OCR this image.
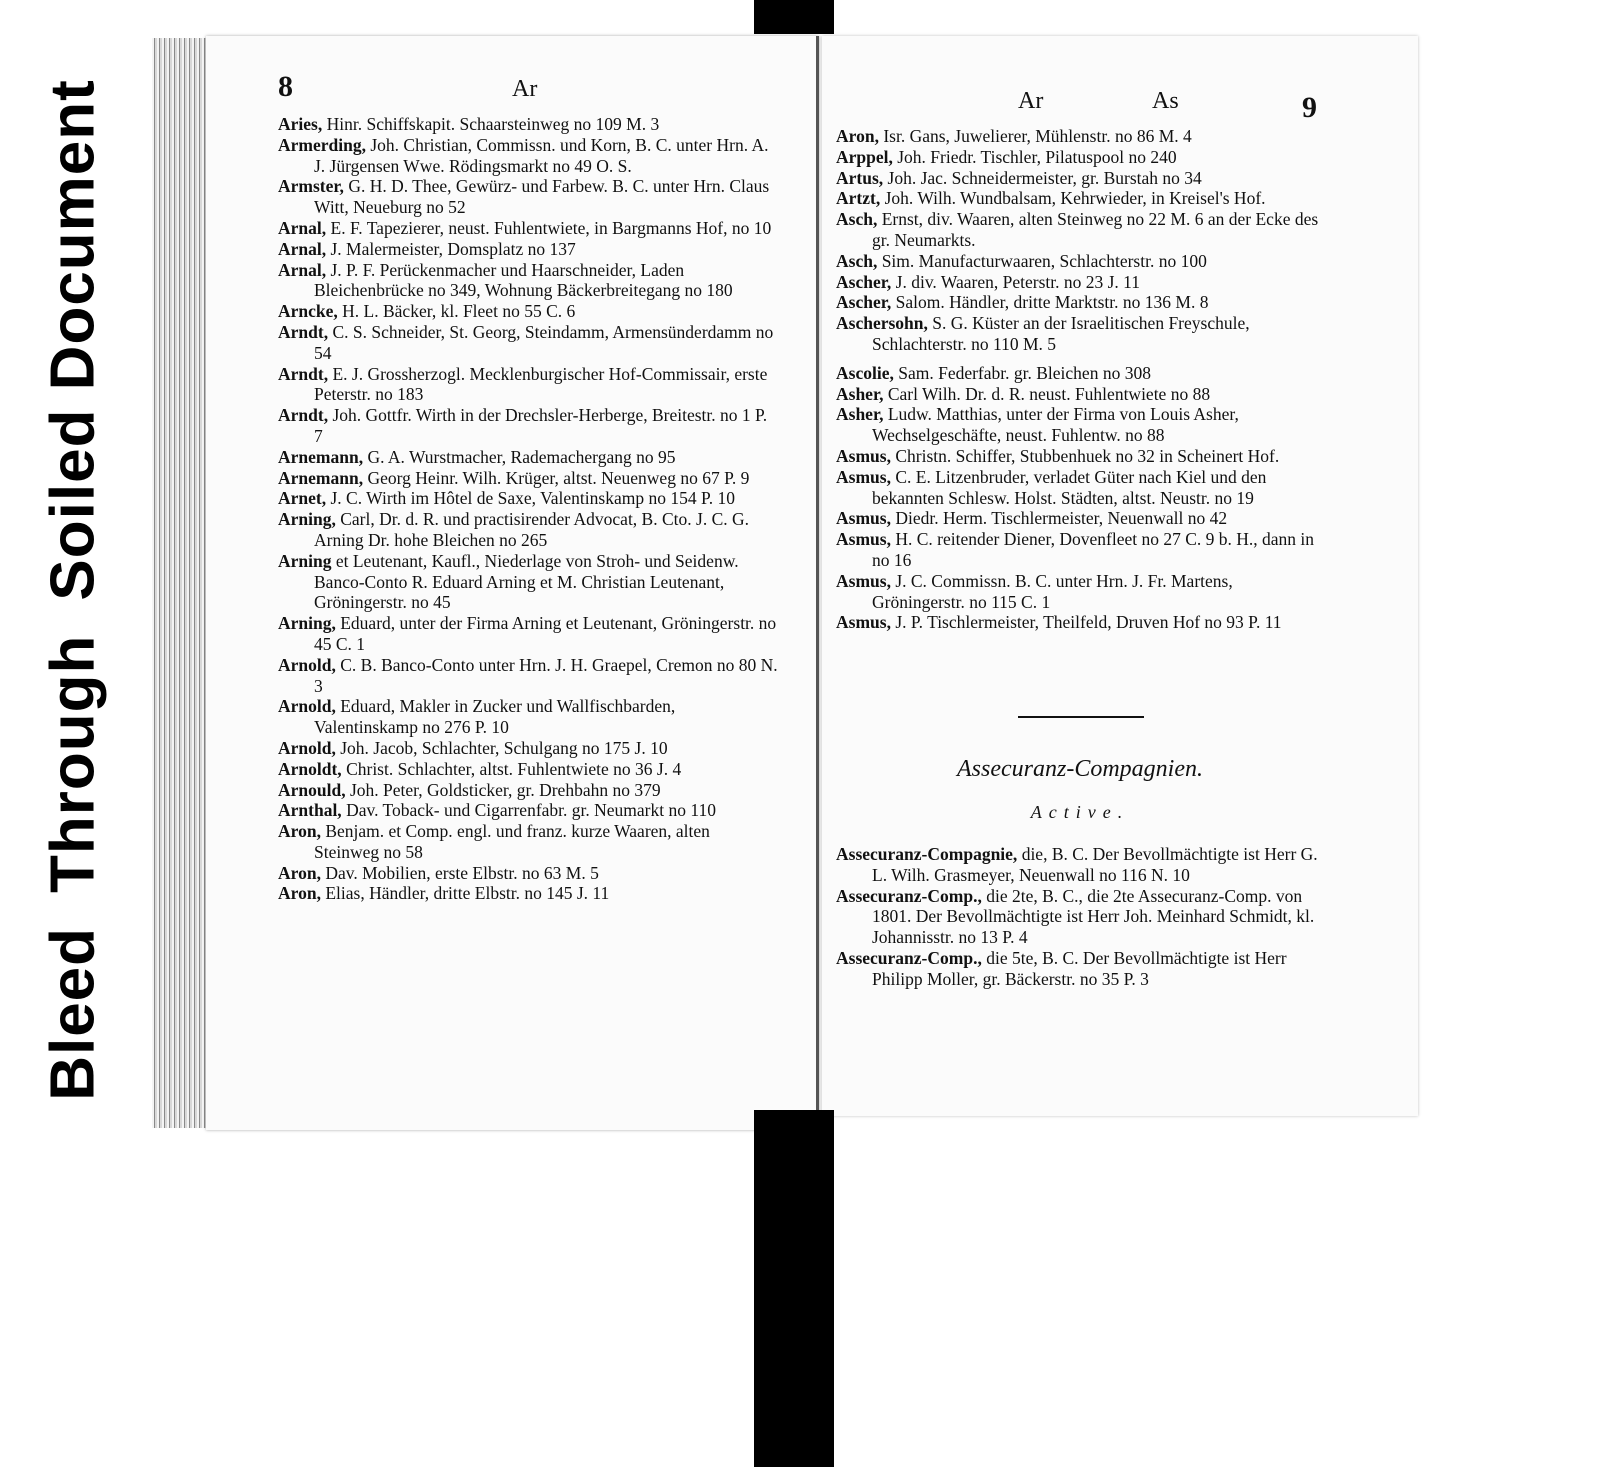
BleedThroughSoiled Document	8	Ar
Aries, Hinr. Schiffskapit. Schaarsteinweg no 109 M. 3
Armerding, Joh. Christian, Commissn. und Korn, B. C. unter Hrn. A. J. Jürgensen Wwe. Rödingsmarkt no 49 O. S.
Armster, G. H. D. Thee, Gewürz- und Farbew. B. C. unter Hrn. Claus Witt, Neueburg no 52
Arnal, E. F. Tapezierer, neust. Fuhlentwiete, in Bargmanns Hof, no 10
Arnal, J. Malermeister, Domsplatz no 137
Arnal, J. P. F. Perückenmacher und Haarschneider, Laden Bleichenbrücke no 349, Wohnung Bäckerbreitegang no 180
Arncke, H. L. Bäcker, kl. Fleet no 55 C. 6
Arndt, C. S. Schneider, St. Georg, Steindamm, Armensünderdamm no 54
Arndt, E. J. Grossherzogl. Mecklenburgischer Hof-Commissair, erste Peterstr. no 183
Arndt, Joh. Gottfr. Wirth in der Drechsler-Herberge, Breitestr. no 1 P. 7
Arnemann, G. A. Wurstmacher, Rademachergang no 95
Arnemann, Georg Heinr. Wilh. Krüger, altst. Neuenweg no 67 P. 9
Arnet, J. C. Wirth im Hôtel de Saxe, Valentinskamp no 154 P. 10
Arning, Carl, Dr. d. R. und practisirender Advocat, B. Cto. J. C. G. Arning Dr. hohe Bleichen no 265
Arning et Leutenant, Kaufl., Niederlage von Stroh- und Seidenw. Banco-Conto R. Eduard Arning et M. Christian Leutenant, Gröningerstr. no 45
Arning, Eduard, unter der Firma Arning et Leutenant, Gröningerstr. no 45 C. 1
Arnold, C. B. Banco-Conto unter Hrn. J. H. Graepel, Cremon no 80 N. 3
Arnold, Eduard, Makler in Zucker und Wallfischbarden, Valentinskamp no 276 P. 10
Arnold, Joh. Jacob, Schlachter, Schulgang no 175 J. 10
Arnoldt, Christ. Schlachter, altst. Fuhlentwiete no 36 J. 4
Arnould, Joh. Peter, Goldsticker, gr. Drehbahn no 379
Arnthal, Dav. Toback- und Cigarrenfabr. gr. Neumarkt no 110
Aron, Benjam. et Comp. engl. und franz. kurze Waaren, alten Steinweg no 58
Aron, Dav. Mobilien, erste Elbstr. no 63 M. 5
Aron, Elias, Händler, dritte Elbstr. no 145 J. 11
Ar	As	9
Aron, Isr. Gans, Juwelierer, Mühlenstr. no 86 M. 4
Arppel, Joh. Friedr. Tischler, Pilatuspool no 240
Artus, Joh. Jac. Schneidermeister, gr. Burstah no 34
Artzt, Joh. Wilh. Wundbalsam, Kehrwieder, in Kreisel's Hof.
Asch, Ernst, div. Waaren, alten Steinweg no 22 M. 6 an der Ecke des gr. Neumarkts.
Asch, Sim. Manufacturwaaren, Schlachterstr. no 100
Ascher, J. div. Waaren, Peterstr. no 23 J. 11
Ascher, Salom. Händler, dritte Marktstr. no 136 M. 8
Aschersohn, S. G. Küster an der Israelitischen Freyschule, Schlachterstr. no 110 M. 5
Ascolie, Sam. Federfabr. gr. Bleichen no 308
Asher, Carl Wilh. Dr. d. R. neust. Fuhlentwiete no 88
Asher, Ludw. Matthias, unter der Firma von Louis Asher, Wechselgeschäfte, neust. Fuhlentw. no 88
Asmus, Christn. Schiffer, Stubbenhuek no 32 in Scheinert Hof.
Asmus, C. E. Litzenbruder, verladet Güter nach Kiel und den bekannten Schlesw. Holst. Städten, altst. Neustr. no 19
Asmus, Diedr. Herm. Tischlermeister, Neuenwall no 42
Asmus, H. C. reitender Diener, Dovenfleet no 27 C. 9 b. H., dann in no 16
Asmus, J. C. Commissn. B. C. unter Hrn. J. Fr. Martens, Gröningerstr. no 115 C. 1
Asmus, J. P. Tischlermeister, Theilfeld, Druven Hof no 93 P. 11
Assecuranz-Compagnien.
Active.
Assecuranz-Compagnie, die, B. C. Der Bevollmächtigte ist Herr G. L. Wilh. Grasmeyer, Neuenwall no 116 N. 10
Assecuranz-Comp., die 2te, B. C., die 2te Assecuranz-Comp. von 1801. Der Bevollmächtigte ist Herr Joh. Meinhard Schmidt, kl. Johannisstr. no 13 P. 4
Assecuranz-Comp., die 5te, B. C. Der Bevollmächtigte ist Herr Philipp Moller, gr. Bäckerstr. no 35 P. 3
